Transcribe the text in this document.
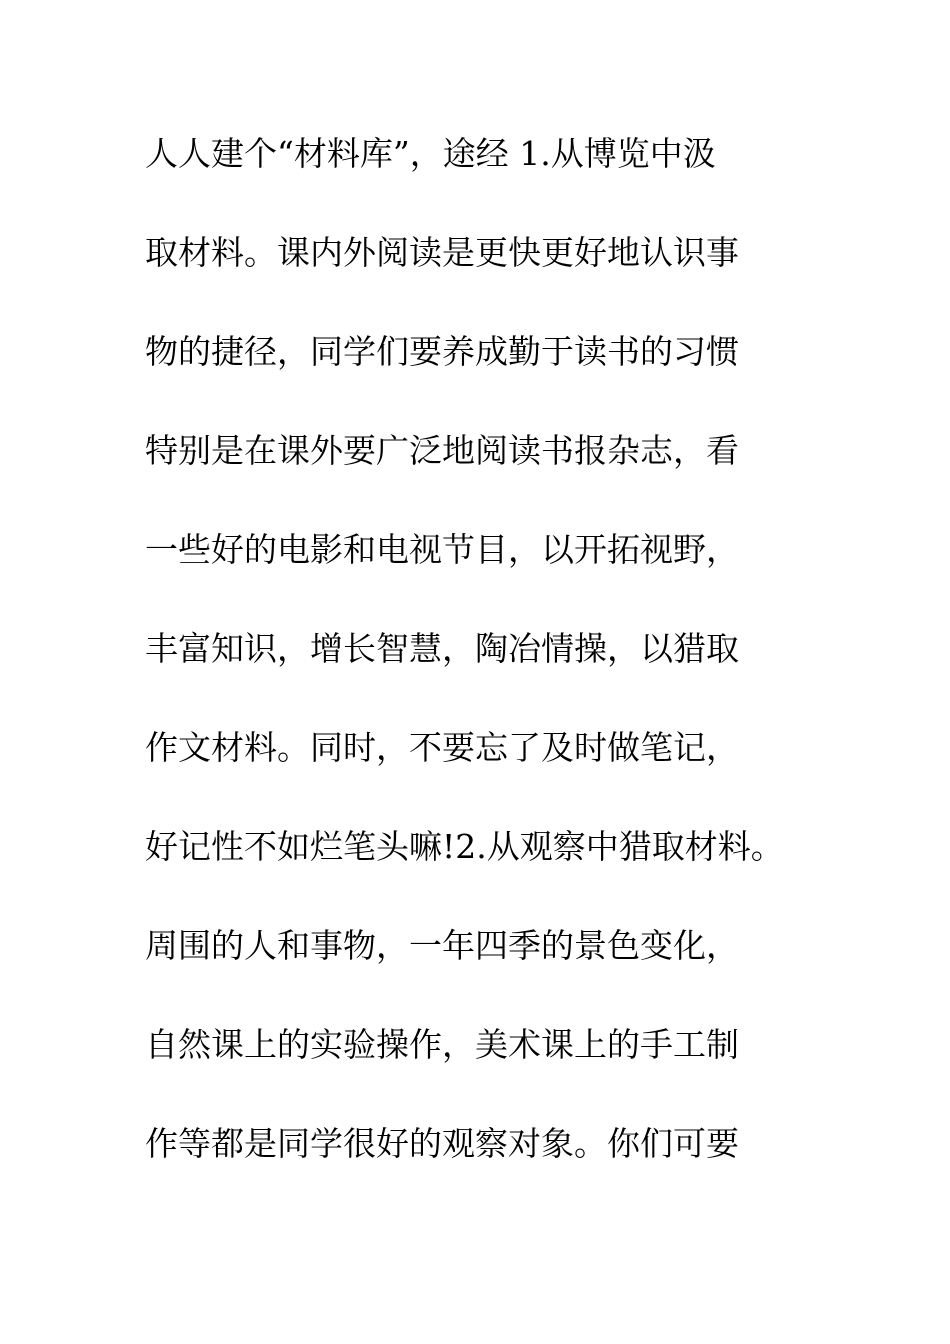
人人建个“材料库”，途经 1.从博览中汲
取材料。课内外阅读是更快更好地认识事
物的捷径，同学们要养成勤于读书的习惯
特别是在课外要广泛地阅读书报杂志，看
一些好的电影和电视节目，以开拓视野，
丰富知识，增长智慧，陶冶情操，以猎取
作文材料。同时，不要忘了及时做笔记，
好记性不如烂笔头嘛!2.从观察中猎取材料。
周围的人和事物，一年四季的景色变化，
自然课上的实验操作，美术课上的手工制
作等都是同学很好的观察对象。你们可要
